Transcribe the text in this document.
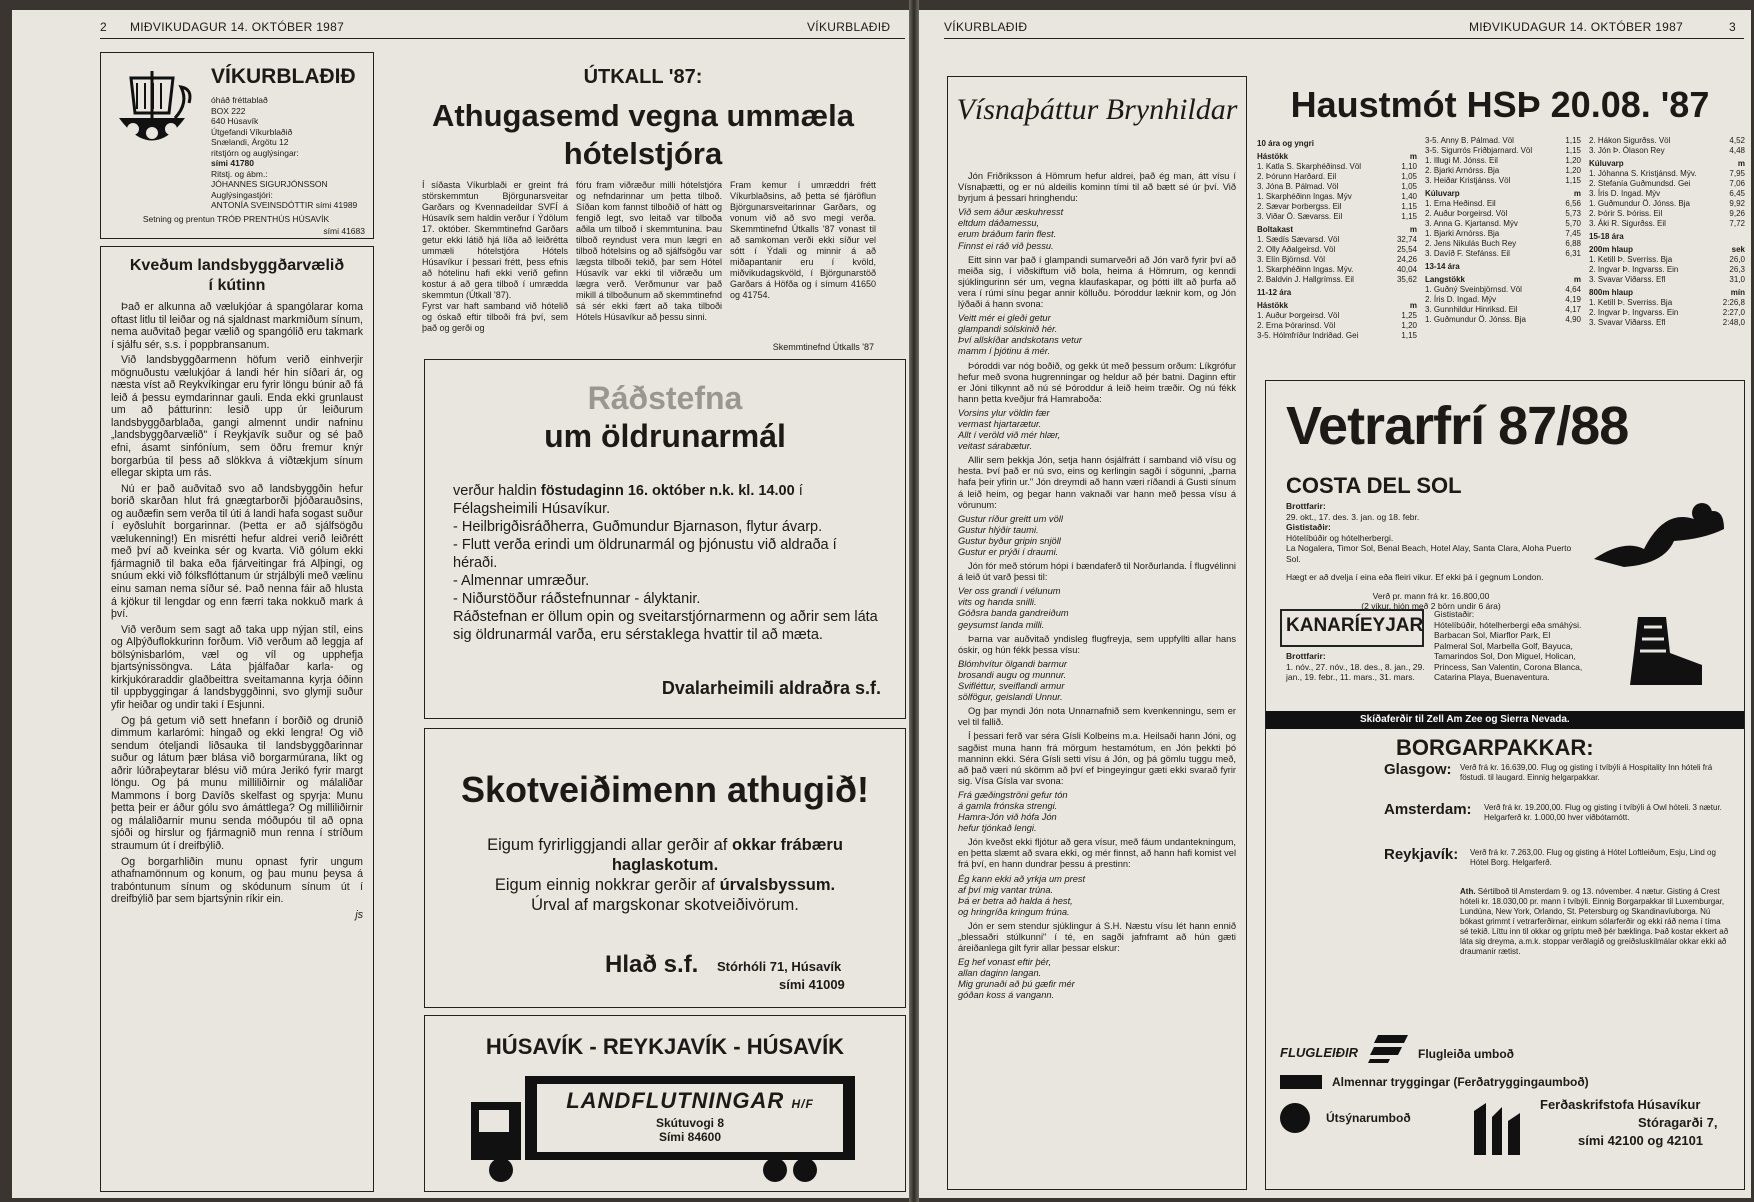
2 MIÐVIKUDAGUR 14. OKTÓBER 1987	VÍKURBLAÐIÐ
VÍKURBLAÐIÐ
óháð fréttablað
BOX 222
640 Húsavík
Útgefandi Víkurblaðið
Snælandi, Árgötu 12
ritstjórn og auglýsingar:
sími 41780
Ritstj. og ábm.:
JÓHANNES SIGURJÓNSSON
Auglýsingastjóri:
ANTONÍA SVEINSDÓTTIR sími 41989
Setning og prentun TRÓÐ PRENTHÚS HÚSAVÍK
sími 41683
Kveðum landsbyggðarvælið
í kútinn

Það er alkunna að vælukjóar á spangólarar koma oftast litlu til leiðar og ná sjaldnast markmiðum sínum, nema auðvitað þegar vælið og spangólið eru takmark í sjálfu sér, s.s. í poppbransanum.

Við landsbyggðarmenn höfum verið einhverjir mögnuðustu vælukjóar á landi hér hin síðari ár, og næsta víst að Reykvíkingar eru fyrir löngu búnir að fá leið á þessu eymdarinnar gauli. Enda ekki grunlaust um að þátturinn: lesið upp úr leiðurum landsbyggðarblaða, gangi almennt undir nafninu „landsbyggðarvælið" í Reykjavík suður og sé það efni, ásamt sinfóníum, sem öðru fremur knýr borgarbúa til þess að slökkva á viðtækjum sínum ellegar skipta um rás.

Nú er það auðvitað svo að landsbyggðin hefur borið skarðan hlut frá gnægtarborði þjóðarauðsins, og auðæfin sem verða til úti á landi hafa sogast suður í eyðsluhít borgarinnar. (Þetta er að sjálfsögðu vælukenning!) En misrétti hefur aldrei verið leiðrétt með því að kveinka sér og kvarta. Við gólum ekki fjármagnið til baka eða fjárveitingar frá Alþingi, og snúum ekki við fólksflóttanum úr strjálbýli með vælinu einu saman nema síður sé. Það nenna fáir að hlusta á kjökur til lengdar og enn færri taka nokkuð mark á því.

Við verðum sem sagt að taka upp nýjan stíl, eins og Alþýðuflokkurinn forðum. Við verðum að leggja af bölsýnisbarlóm, væl og víl og upphefja bjartsýnissöngva. Láta þjálfaðar karla- og kirkjukóraraddir glaðbeittra sveitamanna kyrja óðinn til uppbyggingar á landsbyggðinni, svo glymji suður yfir heiðar og undir taki í Esjunni.

Og þá getum við sett hnefann í borðið og drunið dimmum karlarómi: hingað og ekki lengra! Og við sendum óteljandi liðsauka til landsbyggðarinnar suður og látum þær blása við borgarmúrana, líkt og aðrir lúðraþeytarar blésu við múra Jerikó fyrir margt löngu. Og þá munu milliliðirnir og málaliðar Mammons í borg Davíðs skelfast og spyrja: Munu þetta þeir er áður gólu svo ámáttlega? Og milliliðirnir og málaliðarnir munu senda móðupóu til að opna sjóði og hirslur og fjármagnið mun renna í stríðum straumum út í dreifbýlið.

Og borgarhliðin munu opnast fyrir ungum athafnamönnum og konum, og þau munu þeysa á trabóntunum sínum og skódunum sínum út í dreifbýlið þar sem bjartsýnin ríkir ein.

js
ÚTKALL '87:
Athugasemd vegna ummæla
hótelstjóra
Í síðasta Víkurblaði er greint frá störskemmtun Björgunarsveitar Garðars og Kvennadeildar SVFÍ á Húsavík sem haldin verður í Ýdölum 17. október. Skemmtinefnd Garðars getur ekki látið hjá líða að leiðrétta ummæli hótelstjóra Hótels Húsavíkur í þessari frétt, þess efnis að hótelinu hafi ekki verið gefinn kostur á að gera tilboð í umrædda skemmtun (Útkall '87).
Fyrst var haft samband við hótelið og óskað eftir tilboði frá því, sem það og gerði og
fóru fram viðræður milli hótelstjóra og nefndarinnar um þetta tilboð. Síðan kom fannst tilboðið of hátt og fengið legt, svo leitað var tilboða aðila um tilboð í skemmtunina. Þau tilboð reyndust vera mun lægri en tilboð hótelsins og að sjálfsögðu var lægsta tilboði tekið, þar sem Hótel Húsavík var ekki til viðræðu um lægra verð. Verðmunur var það mikill á tilboðunum að skemmtinefnd sá sér ekki fært að taka tilboði Hótels Húsavíkur að þessu sinni.
Fram kemur í umræddri frétt Víkurblaðsins, að þetta sé fjáröflun Björgunarsveitarinnar Garðars, og vonum við að svo megi verða. Skemmtinefnd Útkalls '87 vonast til að samkoman verði ekki síður vel sótt í Ýdali og minnir á að miðapantanir eru í kvöld, miðvikudagskvöld, í Björgunarstöð Garðars á Höfða og í símum 41650 og 41754.
Skemmtinefnd Útkalls '87
Ráðstefna
um öldrunarmál
verður haldin föstudaginn 16. október n.k. kl. 14.00 í Félagsheimili Húsavíkur.
- Heilbrigðisráðherra, Guðmundur Bjarnason, flytur ávarp.
- Flutt verða erindi um öldrunarmál og þjónustu við aldraða í héraði.
- Almennar umræður.
- Niðurstöður ráðstefnunnar - ályktanir.
Ráðstefnan er öllum opin og sveitarstjórnarmenn og aðrir sem láta sig öldrunarmál varða, eru sérstaklega hvattir til að mæta.
Dvalarheimili aldraðra s.f.
Skotveiðimenn athugið!
Eigum fyrirliggjandi allar gerðir af okkar frábæru haglaskotum.
Eigum einnig nokkrar gerðir af úrvalsbyssum.
Úrval af margskonar skotveiðivörum.
Hlað s.f. Stórhóli 71, Húsavík
sími 41009
HÚSAVÍK - REYKJAVÍK - HÚSAVÍK
LANDFLUTNINGAR H/F
Skútuvogi 8
Sími 84600
VÍKURBLAÐIÐ	MIÐVIKUDAGUR 14. OKTÓBER 1987	3
Vísnaþáttur Brynhildar

Jón Friðriksson á Hömrum hefur aldrei, það ég man, átt vísu í Vísnaþætti, og er nú aldeilis kominn tími til að bætt sé úr því. Við byrjum á þessari hringhendu:

Við sem áður æskuhresst
eltdum dáðamessu,
erum bráðum farin flest.
Finnst ei ráð við þessu.

Eitt sinn var það í glampandi sumarveðri að Jón varð fyrir því að meiða sig, í viðskiftum við bola, heima á Hömrum, og kenndi sjúklingurinn sér um, vegna klaufaskapar, og þótti illt að þurfa að vera í rúmi sínu þegar annir kölluðu. Þóroddur læknir kom, og Jón lýðaði á hann svona:

Veitt mér ei gleði getur
glampandi sólskinið hér.
Því allskíðar andskotans vetur
mamm í þjótinu á mér.

Þóroddi var nóg boðið, og gekk út með þessum orðum: Líkgrófur hefur með svona hugrenningar og heldur að þér batni. Daginn eftir er Jóni tilkynnt að nú sé Þóroddur á leið heim træðir. Og nú fékk hann þetta kveðjur frá Hamraboða:

Vorsins ylur völdin fær
vermast hjartarætur.
Allt í veröld við mér hlær,
veitast sárabætur.

Allir sem þekkja Jón, setja hann ósjálfrátt í samband við vísu og hesta. Því það er nú svo, eins og kerlingin sagði í sögunni, „þarna hafa þeir yfirin ur." Jón dreymdi að hann væri ríðandi á Gusti sínum á leið heim, og þegar hann vaknaði var hann með þessa vísu á vörunum:

Gustur ríður greitt um völl
Gustur hlýðir taumi.
Gustur byður gripin snjöll
Gustur er prýði í draumi.

Jón fór með stórum hópi í bændaferð til Norðurlanda. Í flugvélinni á leið út varð þessi til:

Ver oss grandi í vélunum
vits og handa snilli.
Góðsra banda gandreiðum
geysumst landa milli.

Þarna var auðvitað yndisleg flugfreyja, sem uppfyllti allar hans óskir, og hún fékk þessa vísu:

Blómhvítur ölgandi barmur
brosandi augu og munnur.
Svifléttur, sveiflandi armur
sölfögur, geislandi Unnur.

Og þar myndi Jón nota Unnarnafnið sem kvenkenningu, sem er vel til fallið.

Í þessari ferð var séra Gísli Kolbeins m.a. Heilsaði hann Jóni, og sagðist muna hann frá mörgum hestamótum, en Jón þekkti þó manninn ekki. Séra Gísli setti vísu á Jón, og þá gömlu tuggu með, að það væri nú skömm að því ef Þingeyingur gæti ekki svarað fyrir sig. Vísa Gísla var svona:

Frá gæðingströni gefur tón
á gamla frónska strengi.
Hamra-Jón við hófa Jón
hefur tjónkað lengi.

Jón kveðst ekki fljótur að gera vísur, með fáum undantekningum, en þetta slæmt að svara ekki, og mér finnst, að hann hafi komist vel frá því, en hann dundrar þessu á prestinn:

Ég kann ekki að yrkja um prest
af því mig vantar trúna.
Þá er betra að halda á hest,
og hringríða kringum frúna.

Jón er sem stendur sjúklingur á S.H. Næstu vísu lét hann ennið „blessaðri stúlkunni" í té, en sagði jafnframt að hún gæti áreiðanlega gilt fyrir allar þessar elskur:

Eg hef vonast eftir þér,
allan daginn langan.
Mig grunaði að þú gæfir mér
góðan koss á vangann.

Haustmót HSÞ 20.08. '87
10 ára og yngri
Hástökk	m
1. Katla S. Skarphéðinsd. Völ	1,10
2. Þórunn Harðard. Eil	1,05
3. Jóna B. Pálmad. Völ	1,05
1. Skarphéðinn Ingas. Mýv	1,40
2. Sævar Þorbergss. Eil	1,15
3. Viðar Ö. Sævarss. Eil	1,15
Boltakast	m
1. Sædís Sævarsd. Völ	32,74
2. Olly Aðalgeirsd. Völ	25,54
3. Elín Björnsd. Völ	24,26
1. Skarphéðinn Ingas. Mýv.	40,04
2. Baldvin J. Hallgrímss. Eil	35,62
11-12 ára
Hástökk	m
1. Auður Þorgeirsd. Völ	1,25
2. Erna Þórarinsd. Völ	1,20
3-5. Hólmfríður Indriðad. Gei	1,15
3-5. Anny B. Pálmad. Völ	1,15
3-5. Sigurrós Friðbjarnard. Völ	1,15
1. Illugi M. Jónss. Eil	1,20
2. Bjarki Arnórss. Bja	1,20
3. Heiðar Kristjánss. Völ	1,15
Kúluvarp	m
1. Erna Heðinsd. Eil	6,56
2. Auður Þorgeirsd. Völ	5,73
3. Anna G. Kjartansd. Mýv	5,70
1. Bjarki Arnórss. Bja	7,45
2. Jens Nikulás Buch Rey	6,88
3. Davíð F. Stefánss. Eil	6,31
13-14 ára
Langstökk	m
1. Guðný Sveinbjörnsd. Völ	4,64
2. Íris D. Ingad. Mýv	4,19
3. Gunnhildur Hinriksd. Eil	4,17
1. Guðmundur Ö. Jónss. Bja	4,90
2. Hákon Sigurðss. Völ	4,52
3. Jón Þ. Ólason Rey	4,48
Kúluvarp	m
1. Jóhanna S. Kristjánsd. Mýv.	7,95
2. Stefanía Guðmundsd. Gei	7,06
3. Íris D. Ingad. Mýv	6,45
1. Guðmundur Ö. Jónss. Bja	9,92
2. Þórir S. Þóriss. Eil	9,26
3. Áki R. Sigurðss. Eil	7,72
15-18 ára
200m hlaup	sek
1. Ketill Þ. Sverriss. Bja	26,0
2. Ingvar Þ. Ingvarss. Ein	26,3
3. Svavar Viðarss. Efl	31,0
800m hlaup	mín
1. Ketill Þ. Sverriss. Bja	2:26,8
2. Ingvar Þ. Ingvarss. Ein	2:27,0
3. Svavar Viðarss. Efl	2:48,0
Vetrarfrí 87/88
COSTA DEL SOL
Brottfarir:
29. okt., 17. des. 3. jan. og 18. febr.
Gististaðir:
Hótelíbúðir og hótelherbergi.
La Nogalera, Timor Sol, Benal Beach, Hotel Alay, Santa Clara, Aloha Puerto Sol.
Hægt er að dvelja í eina eða fleiri vikur. Ef ekki þá í gegnum London.
Verð pr. mann frá kr. 16.800,00
(2 vikur, hjón með 2 börn undir 6 ára)
KANARÍEYJAR
Brottfarir:
1. nóv., 27. nóv., 18. des., 8. jan., 29. jan., 19. febr., 11. mars., 31. mars.
Gististaðir:
Hótelíbúðir, hótelherbergi eða smáhýsi.
Barbacan Sol, Miarflor Park, El Palmeral Sol, Marbella Golf, Bayuca, Tamarindos Sol, Don Miguel, Holican, Princess, San Valentin, Corona Blanca, Catarina Playa, Buenaventura.
Skíðaferðir til Zell Am Zee og Sierra Nevada.
BORGARPAKKAR:
Glasgow: Verð frá kr. 16.639,00. Flug og gisting í tvíbýli á Hospitality Inn hóteli frá föstudi. til laugard. Einnig helgarpakkar.
Amsterdam: Verð frá kr. 19.200,00. Flug og gisting í tvíbýli á Owl hóteli. 3 nætur. Helgarferð kr. 1.000,00 hver viðbótarnótt.
Reykjavík: Verð frá kr. 7.263,00. Flug og gisting á Hótel Loftleiðum, Esju, Lind og Hótel Borg. Helgarferð.
Ath. Sértilboð til Amsterdam 9. og 13. nóvember. 4 nætur. Gisting á Crest hóteli kr. 18.030,00 pr. mann í tvíbýli. Einnig Borgarpakkar til Luxemburgar, Lundúna, New York, Orlando, St. Petersburg og Skandinavíuborga. Nú bókast grimmt í vetrarferðirnar, einkum sólarferðir og ekki ráð nema í tíma sé tekið. Líttu inn til okkar og gríptu með þér bæklinga. Það kostar ekkert að láta sig dreyma, a.m.k. stoppar verðlagið og greiðsluskilmálar okkar ekki að draumanir rætist.
FLUGLEIÐIR	Flugleiða umboð
Almennar tryggingar (Ferðatryggingaumboð)
Útsýnarumboð
Ferðaskrifstofa Húsavíkur
Stóragarði 7,
sími 42100 og 42101
